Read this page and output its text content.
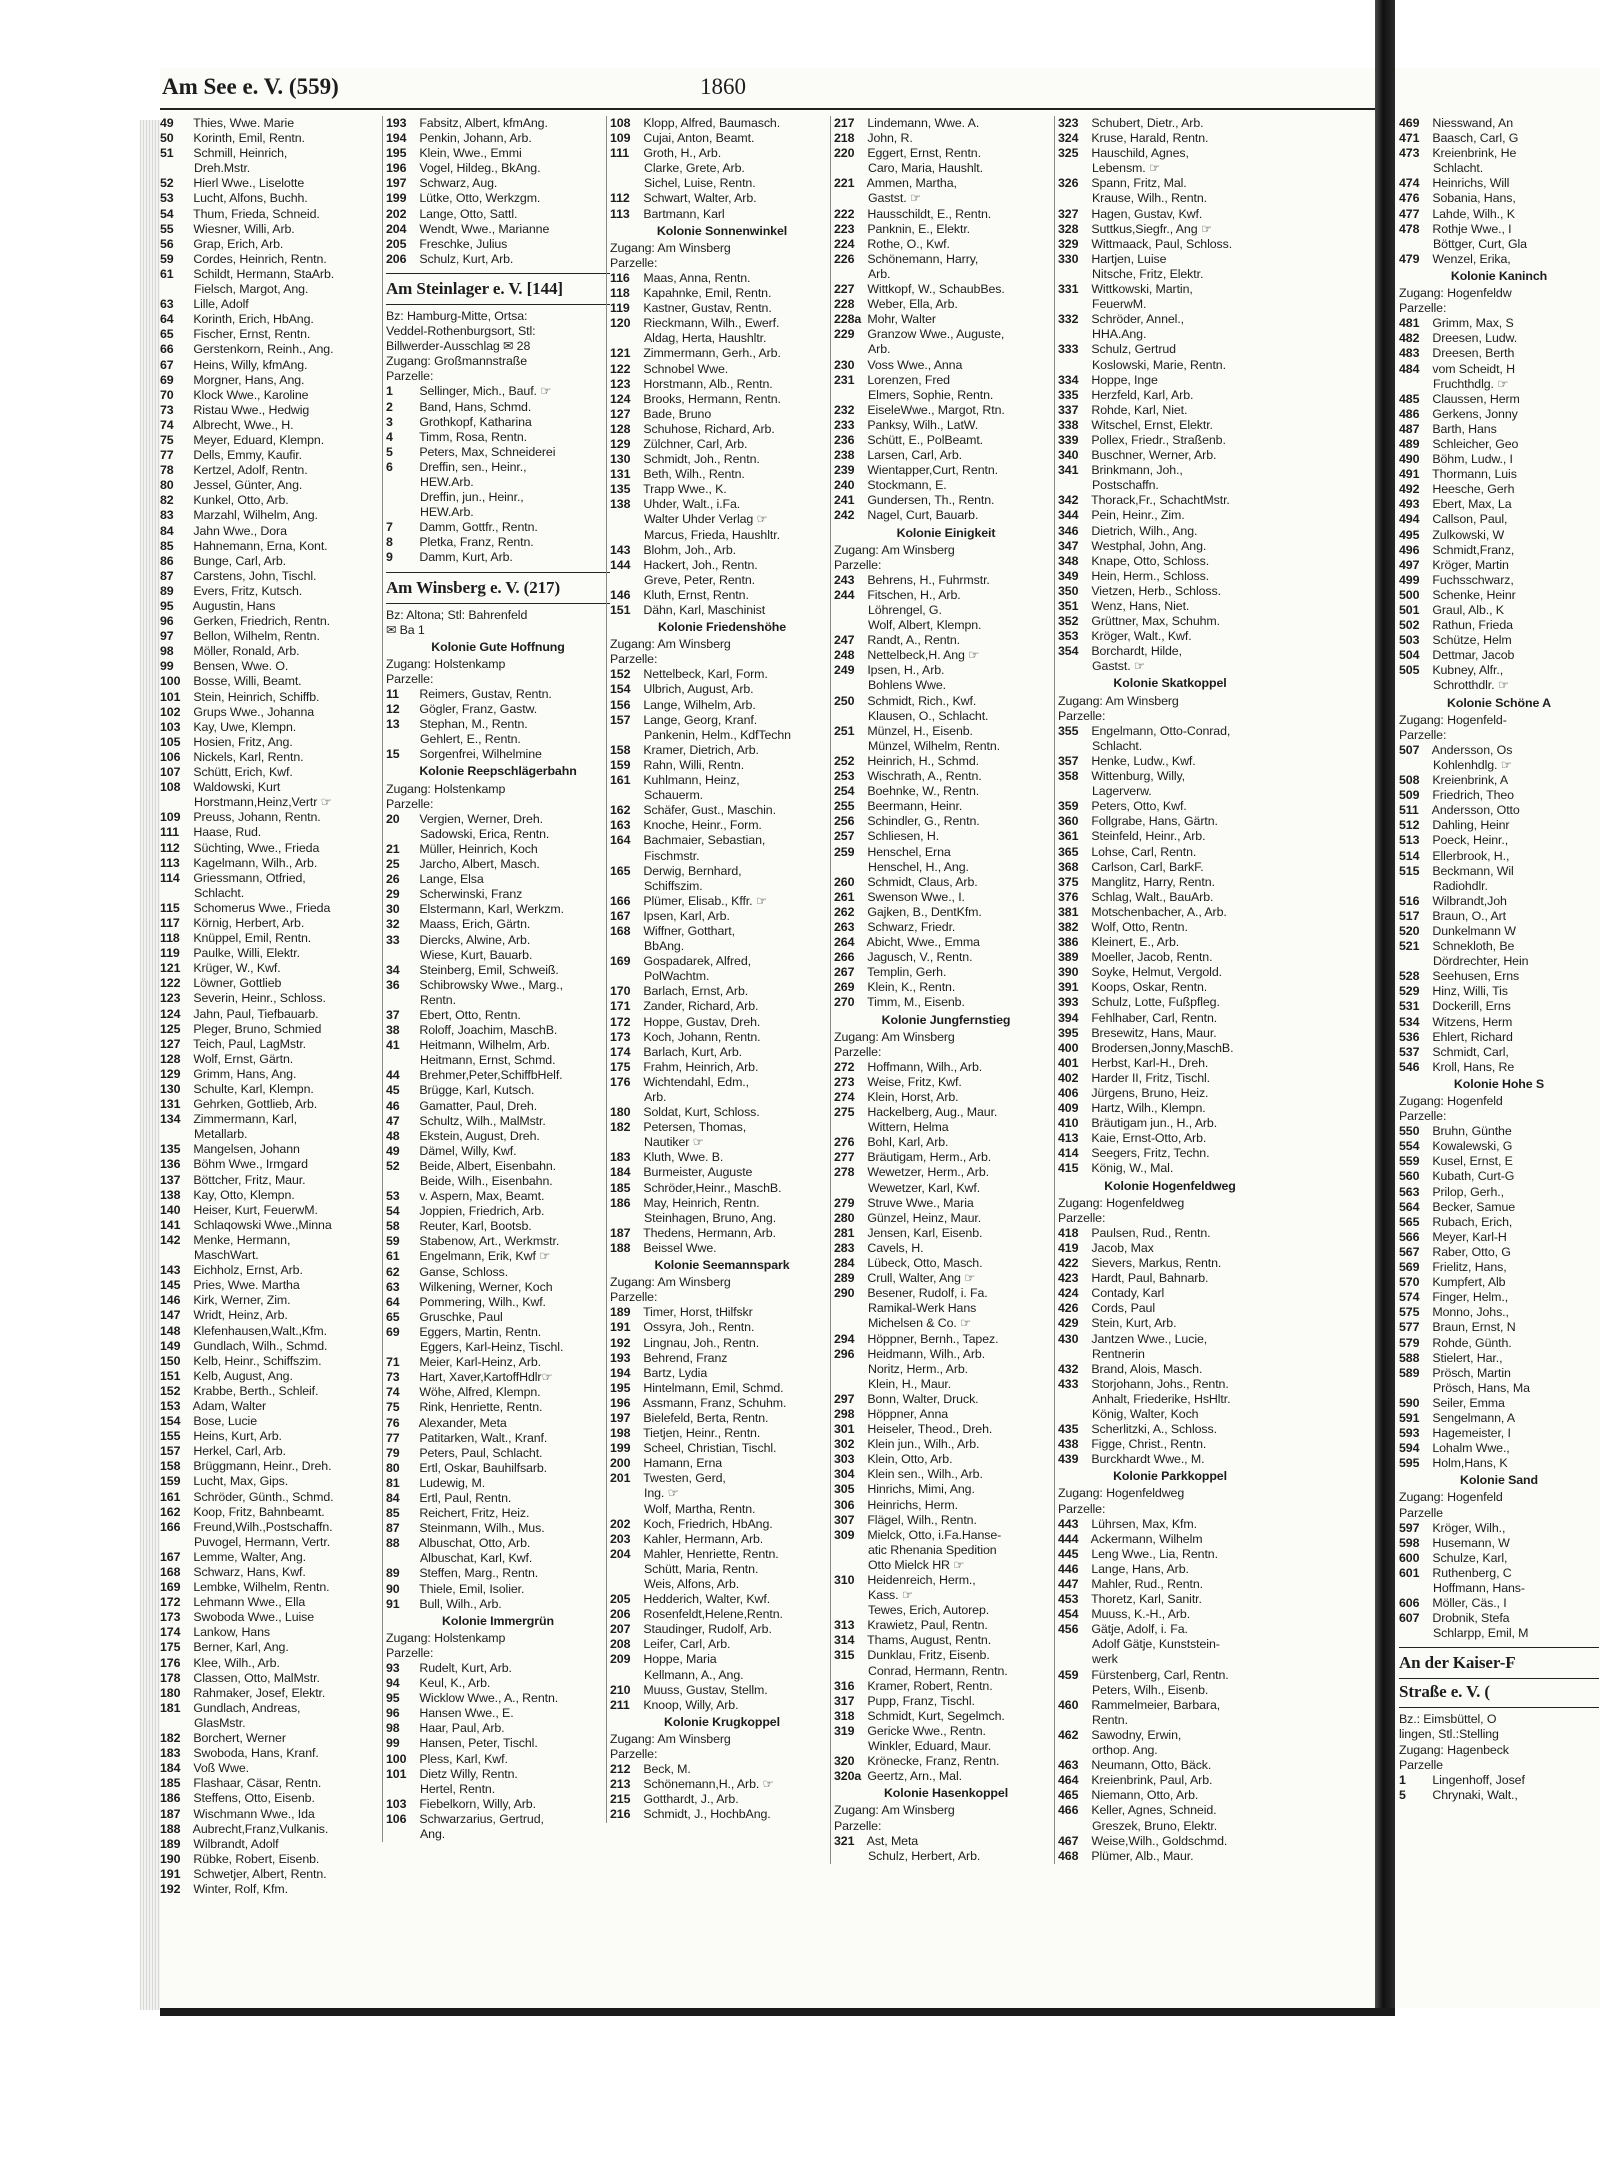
Am See e. V. (559)	1860
49 Thies, Wwe. Marie
50 Korinth, Emil, Rentn.
51 Schmill, Heinrich,
Dreh.Mstr.
52 Hierl Wwe., Liselotte
53 Lucht, Alfons, Buchh.
54 Thum, Frieda, Schneid.
55 Wiesner, Willi, Arb.
56 Grap, Erich, Arb.
59 Cordes, Heinrich, Rentn.
61 Schildt, Hermann, StaArb.
Fielsch, Margot, Ang.
63 Lille, Adolf
64 Korinth, Erich, HbAng.
65 Fischer, Ernst, Rentn.
66 Gerstenkorn, Reinh., Ang.
67 Heins, Willy, kfmAng.
69 Morgner, Hans, Ang.
70 Klock Wwe., Karoline
73 Ristau Wwe., Hedwig
74 Albrecht, Wwe., H.
75 Meyer, Eduard, Klempn.
77 Dells, Emmy, Kaufir.
78 Kertzel, Adolf, Rentn.
80 Jessel, Günter, Ang.
82 Kunkel, Otto, Arb.
83 Marzahl, Wilhelm, Ang.
84 Jahn Wwe., Dora
85 Hahnemann, Erna, Kont.
86 Bunge, Carl, Arb.
87 Carstens, John, Tischl.
89 Evers, Fritz, Kutsch.
95 Augustin, Hans
96 Gerken, Friedrich, Rentn.
97 Bellon, Wilhelm, Rentn.
98 Möller, Ronald, Arb.
99 Bensen, Wwe. O.
100 Bosse, Willi, Beamt.
101 Stein, Heinrich, Schiffb.
102 Grups Wwe., Johanna
103 Kay, Uwe, Klempn.
105 Hosien, Fritz, Ang.
106 Nickels, Karl, Rentn.
107 Schütt, Erich, Kwf.
108 Waldowski, Kurt
Horstmann,Heinz,Vertr ☞
109 Preuss, Johann, Rentn.
111 Haase, Rud.
112 Süchting, Wwe., Frieda
113 Kagelmann, Wilh., Arb.
114 Griessmann, Otfried,
Schlacht.
115 Schomerus Wwe., Frieda
117 Körnig, Herbert, Arb.
118 Knüppel, Emil, Rentn.
119 Paulke, Willi, Elektr.
121 Krüger, W., Kwf.
122 Löwner, Gottlieb
123 Severin, Heinr., Schloss.
124 Jahn, Paul, Tiefbauarb.
125 Pleger, Bruno, Schmied
127 Teich, Paul, LagMstr.
128 Wolf, Ernst, Gärtn.
129 Grimm, Hans, Ang.
130 Schulte, Karl, Klempn.
131 Gehrken, Gottlieb, Arb.
134 Zimmermann, Karl,
Metallarb.
135 Mangelsen, Johann
136 Böhm Wwe., Irmgard
137 Böttcher, Fritz, Maur.
138 Kay, Otto, Klempn.
140 Heiser, Kurt, FeuerwM.
141 Schlaqowski Wwe.,Minna
142 Menke, Hermann,
MaschWart.
143 Eichholz, Ernst, Arb.
145 Pries, Wwe. Martha
146 Kirk, Werner, Zim.
147 Wridt, Heinz, Arb.
148 Klefenhausen,Walt.,Kfm.
149 Gundlach, Wilh., Schmd.
150 Kelb, Heinr., Schiffszim.
151 Kelb, August, Ang.
152 Krabbe, Berth., Schleif.
153 Adam, Walter
154 Bose, Lucie
155 Heins, Kurt, Arb.
157 Herkel, Carl, Arb.
158 Brüggmann, Heinr., Dreh.
159 Lucht, Max, Gips.
161 Schröder, Günth., Schmd.
162 Koop, Fritz, Bahnbeamt.
166 Freund,Wilh.,Postschaffn.
Puvogel, Hermann, Vertr.
167 Lemme, Walter, Ang.
168 Schwarz, Hans, Kwf.
169 Lembke, Wilhelm, Rentn.
172 Lehmann Wwe., Ella
173 Swoboda Wwe., Luise
174 Lankow, Hans
175 Berner, Karl, Ang.
176 Klee, Wilh., Arb.
178 Classen, Otto, MalMstr.
180 Rahmaker, Josef, Elektr.
181 Gundlach, Andreas,
GlasMstr.
182 Borchert, Werner
183 Swoboda, Hans, Kranf.
184 Voß Wwe.
185 Flashaar, Cäsar, Rentn.
186 Steffens, Otto, Eisenb.
187 Wischmann Wwe., Ida
188 Aubrecht,Franz,Vulkanis.
189 Wilbrandt, Adolf
190 Rübke, Robert, Eisenb.
191 Schwetjer, Albert, Rentn.
192 Winter, Rolf, Kfm.
193 Fabsitz, Albert, kfmAng.
194 Penkin, Johann, Arb.
195 Klein, Wwe., Emmi
196 Vogel, Hildeg., BkAng.
197 Schwarz, Aug.
199 Lütke, Otto, Werkzgm.
202 Lange, Otto, Sattl.
204 Wendt, Wwe., Marianne
205 Freschke, Julius
206 Schulz, Kurt, Arb.
Am Steinlager e. V. [144]
Bz: Hamburg-Mitte, Ortsa:
Veddel-Rothenburgsort, Stl:
Billwerder-Ausschlag ✉ 28
Zugang: Großmannstraße
Parzelle:
1 Sellinger, Mich., Bauf. ☞
2 Band, Hans, Schmd.
3 Grothkopf, Katharina
4 Timm, Rosa, Rentn.
5 Peters, Max, Schneiderei
6 Dreffin, sen., Heinr.,
HEW.Arb.
Dreffin, jun., Heinr.,
HEW.Arb.
7 Damm, Gottfr., Rentn.
8 Pletka, Franz, Rentn.
9 Damm, Kurt, Arb.
Am Winsberg e. V. (217)
Bz: Altona; Stl: Bahrenfeld
✉ Ba 1
Kolonie Gute Hoffnung
Zugang: Holstenkamp
Parzelle:
11 Reimers, Gustav, Rentn.
12 Gögler, Franz, Gastw.
13 Stephan, M., Rentn.
Gehlert, E., Rentn.
15 Sorgenfrei, Wilhelmine
Kolonie Reepschlägerbahn
Zugang: Holstenkamp
Parzelle:
20 Vergien, Werner, Dreh.
Sadowski, Erica, Rentn.
21 Müller, Heinrich, Koch
25 Jarcho, Albert, Masch.
26 Lange, Elsa
29 Scherwinski, Franz
30 Elstermann, Karl, Werkzm.
32 Maass, Erich, Gärtn.
33 Diercks, Alwine, Arb.
Wiese, Kurt, Bauarb.
34 Steinberg, Emil, Schweiß.
36 Schibrowsky Wwe., Marg.,
Rentn.
37 Ebert, Otto, Rentn.
38 Roloff, Joachim, MaschB.
41 Heitmann, Wilhelm, Arb.
Heitmann, Ernst, Schmd.
44 Brehmer,Peter,SchiffbHelf.
45 Brügge, Karl, Kutsch.
46 Gamatter, Paul, Dreh.
47 Schultz, Wilh., MalMstr.
48 Ekstein, August, Dreh.
49 Dämel, Willy, Kwf.
52 Beide, Albert, Eisenbahn.
Beide, Wilh., Eisenbahn.
53 v. Aspern, Max, Beamt.
54 Joppien, Friedrich, Arb.
58 Reuter, Karl, Bootsb.
59 Stabenow, Art., Werkmstr.
61 Engelmann, Erik, Kwf ☞
62 Ganse, Schloss.
63 Wilkening, Werner, Koch
64 Pommering, Wilh., Kwf.
65 Gruschke, Paul
69 Eggers, Martin, Rentn.
Eggers, Karl-Heinz, Tischl.
71 Meier, Karl-Heinz, Arb.
73 Hart, Xaver,KartoffHdlr☞
74 Wöhe, Alfred, Klempn.
75 Rink, Henriette, Rentn.
76 Alexander, Meta
77 Patitarken, Walt., Kranf.
79 Peters, Paul, Schlacht.
80 Ertl, Oskar, Bauhilfsarb.
81 Ludewig, M.
84 Ertl, Paul, Rentn.
85 Reichert, Fritz, Heiz.
87 Steinmann, Wilh., Mus.
88 Albuschat, Otto, Arb.
Albuschat, Karl, Kwf.
89 Steffen, Marg., Rentn.
90 Thiele, Emil, Isolier.
91 Bull, Wilh., Arb.
Kolonie Immergrün
Zugang: Holstenkamp
Parzelle:
93 Rudelt, Kurt, Arb.
94 Keul, K., Arb.
95 Wicklow Wwe., A., Rentn.
96 Hansen Wwe., E.
98 Haar, Paul, Arb.
99 Hansen, Peter, Tischl.
100 Pless, Karl, Kwf.
101 Dietz Willy, Rentn.
Hertel, Rentn.
103 Fiebelkorn, Willy, Arb.
106 Schwarzarius, Gertrud,
Ang.
108 Klopp, Alfred, Baumasch.
109 Cujai, Anton, Beamt.
111 Groth, H., Arb.
Clarke, Grete, Arb.
Sichel, Luise, Rentn.
112 Schwart, Walter, Arb.
113 Bartmann, Karl
Kolonie Sonnenwinkel
Zugang: Am Winsberg
Parzelle:
116 Maas, Anna, Rentn.
118 Kapahnke, Emil, Rentn.
119 Kastner, Gustav, Rentn.
120 Rieckmann, Wilh., Ewerf.
Aldag, Herta, Haushltr.
121 Zimmermann, Gerh., Arb.
122 Schnobel Wwe.
123 Horstmann, Alb., Rentn.
124 Brooks, Hermann, Rentn.
127 Bade, Bruno
128 Schuhose, Richard, Arb.
129 Zülchner, Carl, Arb.
130 Schmidt, Joh., Rentn.
131 Beth, Wilh., Rentn.
135 Trapp Wwe., K.
138 Uhder, Walt., i.Fa.
Walter Uhder Verlag ☞
Marcus, Frieda, Haushltr.
143 Blohm, Joh., Arb.
144 Hackert, Joh., Rentn.
Greve, Peter, Rentn.
146 Kluth, Ernst, Rentn.
151 Dähn, Karl, Maschinist
Kolonie Friedenshöhe
Zugang: Am Winsberg
Parzelle:
152 Nettelbeck, Karl, Form.
154 Ulbrich, August, Arb.
156 Lange, Wilhelm, Arb.
157 Lange, Georg, Kranf.
Pankenin, Helm., KdfTechn
158 Kramer, Dietrich, Arb.
159 Rahn, Willi, Rentn.
161 Kuhlmann, Heinz,
Schauerm.
162 Schäfer, Gust., Maschin.
163 Knoche, Heinr., Form.
164 Bachmaier, Sebastian,
Fischmstr.
165 Derwig, Bernhard,
Schiffszim.
166 Plümer, Elisab., Kffr. ☞
167 Ipsen, Karl, Arb.
168 Wiffner, Gotthart,
BbAng.
169 Gospadarek, Alfred,
PolWachtm.
170 Barlach, Ernst, Arb.
171 Zander, Richard, Arb.
172 Hoppe, Gustav, Dreh.
173 Koch, Johann, Rentn.
174 Barlach, Kurt, Arb.
175 Frahm, Heinrich, Arb.
176 Wichtendahl, Edm.,
Arb.
180 Soldat, Kurt, Schloss.
182 Petersen, Thomas,
Nautiker ☞
183 Kluth, Wwe. B.
184 Burmeister, Auguste
185 Schröder,Heinr., MaschB.
186 May, Heinrich, Rentn.
Steinhagen, Bruno, Ang.
187 Thedens, Hermann, Arb.
188 Beissel Wwe.
Kolonie Seemannspark
Zugang: Am Winsberg
Parzelle:
189 Timer, Horst, tHilfskr
191 Ossyra, Joh., Rentn.
192 Lingnau, Joh., Rentn.
193 Behrend, Franz
194 Bartz, Lydia
195 Hintelmann, Emil, Schmd.
196 Assmann, Franz, Schuhm.
197 Bielefeld, Berta, Rentn.
198 Tietjen, Heinr., Rentn.
199 Scheel, Christian, Tischl.
200 Hamann, Erna
201 Twesten, Gerd,
Ing. ☞
Wolf, Martha, Rentn.
202 Koch, Friedrich, HbAng.
203 Kahler, Hermann, Arb.
204 Mahler, Henriette, Rentn.
Schütt, Maria, Rentn.
Weis, Alfons, Arb.
205 Hedderich, Walter, Kwf.
206 Rosenfeldt,Helene,Rentn.
207 Staudinger, Rudolf, Arb.
208 Leifer, Carl, Arb.
209 Hoppe, Maria
Kellmann, A., Ang.
210 Muuss, Gustav, Stellm.
211 Knoop, Willy, Arb.
Kolonie Krugkoppel
Zugang: Am Winsberg
Parzelle:
212 Beck, M.
213 Schönemann,H., Arb. ☞
215 Gotthardt, J., Arb.
216 Schmidt, J., HochbAng.
217 Lindemann, Wwe. A.
218 John, R.
220 Eggert, Ernst, Rentn.
Caro, Maria, Haushlt.
221 Ammen, Martha,
Gastst. ☞
222 Hausschildt, E., Rentn.
223 Panknin, E., Elektr.
224 Rothe, O., Kwf.
226 Schönemann, Harry,
Arb.
227 Wittkopf, W., SchaubBes.
228 Weber, Ella, Arb.
228a Mohr, Walter
229 Granzow Wwe., Auguste,
Arb.
230 Voss Wwe., Anna
231 Lorenzen, Fred
Elmers, Sophie, Rentn.
232 EiseleWwe., Margot, Rtn.
233 Panksy, Wilh., LatW.
236 Schütt, E., PolBeamt.
238 Larsen, Carl, Arb.
239 Wientapper,Curt, Rentn.
240 Stockmann, E.
241 Gundersen, Th., Rentn.
242 Nagel, Curt, Bauarb.
Kolonie Einigkeit
Zugang: Am Winsberg
Parzelle:
243 Behrens, H., Fuhrmstr.
244 Fitschen, H., Arb.
Löhrengel, G.
Wolf, Albert, Klempn.
247 Randt, A., Rentn.
248 Nettelbeck,H. Ang ☞
249 Ipsen, H., Arb.
Bohlens Wwe.
250 Schmidt, Rich., Kwf.
Klausen, O., Schlacht.
251 Münzel, H., Eisenb.
Münzel, Wilhelm, Rentn.
252 Heinrich, H., Schmd.
253 Wischrath, A., Rentn.
254 Boehnke, W., Rentn.
255 Beermann, Heinr.
256 Schindler, G., Rentn.
257 Schliesen, H.
259 Henschel, Erna
Henschel, H., Ang.
260 Schmidt, Claus, Arb.
261 Swenson Wwe., I.
262 Gajken, B., DentKfm.
263 Schwarz, Friedr.
264 Abicht, Wwe., Emma
266 Jagusch, V., Rentn.
267 Templin, Gerh.
269 Klein, K., Rentn.
270 Timm, M., Eisenb.
Kolonie Jungfernstieg
Zugang: Am Winsberg
Parzelle:
272 Hoffmann, Wilh., Arb.
273 Weise, Fritz, Kwf.
274 Klein, Horst, Arb.
275 Hackelberg, Aug., Maur.
Wittern, Helma
276 Bohl, Karl, Arb.
277 Bräutigam, Herm., Arb.
278 Wewetzer, Herm., Arb.
Wewetzer, Karl, Kwf.
279 Struve Wwe., Maria
280 Günzel, Heinz, Maur.
281 Jensen, Karl, Eisenb.
283 Cavels, H.
284 Lübeck, Otto, Masch.
289 Crull, Walter, Ang ☞
290 Besener, Rudolf, i. Fa.
Ramikal-Werk Hans
Michelsen & Co. ☞
294 Höppner, Bernh., Tapez.
296 Heidmann, Wilh., Arb.
Noritz, Herm., Arb.
Klein, H., Maur.
297 Bonn, Walter, Druck.
298 Höppner, Anna
301 Heiseler, Theod., Dreh.
302 Klein jun., Wilh., Arb.
303 Klein, Otto, Arb.
304 Klein sen., Wilh., Arb.
305 Hinrichs, Mimi, Ang.
306 Heinrichs, Herm.
307 Flägel, Wilh., Rentn.
309 Mielck, Otto, i.Fa.Hanse-
atic Rhenania Spedition
Otto Mielck HR ☞
310 Heidenreich, Herm.,
Kass. ☞
Tewes, Erich, Autorep.
313 Krawietz, Paul, Rentn.
314 Thams, August, Rentn.
315 Dunklau, Fritz, Eisenb.
Conrad, Hermann, Rentn.
316 Kramer, Robert, Rentn.
317 Pupp, Franz, Tischl.
318 Schmidt, Kurt, Segelmch.
319 Gericke Wwe., Rentn.
Winkler, Eduard, Maur.
320 Krönecke, Franz, Rentn.
320a Geertz, Arn., Mal.
Kolonie Hasenkoppel
Zugang: Am Winsberg
Parzelle:
321 Ast, Meta
Schulz, Herbert, Arb.
323 Schubert, Dietr., Arb.
324 Kruse, Harald, Rentn.
325 Hauschild, Agnes,
Lebensm. ☞
326 Spann, Fritz, Mal.
Krause, Wilh., Rentn.
327 Hagen, Gustav, Kwf.
328 Suttkus,Siegfr., Ang ☞
329 Wittmaack, Paul, Schloss.
330 Hartjen, Luise
Nitsche, Fritz, Elektr.
331 Wittkowski, Martin,
FeuerwM.
332 Schröder, Annel.,
HHA.Ang.
333 Schulz, Gertrud
Koslowski, Marie, Rentn.
334 Hoppe, Inge
335 Herzfeld, Karl, Arb.
337 Rohde, Karl, Niet.
338 Witschel, Ernst, Elektr.
339 Pollex, Friedr., Straßenb.
340 Buschner, Werner, Arb.
341 Brinkmann, Joh.,
Postschaffn.
342 Thorack,Fr., SchachtMstr.
344 Pein, Heinr., Zim.
346 Dietrich, Wilh., Ang.
347 Westphal, John, Ang.
348 Knape, Otto, Schloss.
349 Hein, Herm., Schloss.
350 Vietzen, Herb., Schloss.
351 Wenz, Hans, Niet.
352 Grüttner, Max, Schuhm.
353 Kröger, Walt., Kwf.
354 Borchardt, Hilde,
Gastst. ☞
Kolonie Skatkoppel
Zugang: Am Winsberg
Parzelle:
355 Engelmann, Otto-Conrad,
Schlacht.
357 Henke, Ludw., Kwf.
358 Wittenburg, Willy,
Lagerverw.
359 Peters, Otto, Kwf.
360 Follgrabe, Hans, Gärtn.
361 Steinfeld, Heinr., Arb.
365 Lohse, Carl, Rentn.
368 Carlson, Carl, BarkF.
375 Manglitz, Harry, Rentn.
376 Schlag, Walt., BauArb.
381 Motschenbacher, A., Arb.
382 Wolf, Otto, Rentn.
386 Kleinert, E., Arb.
389 Moeller, Jacob, Rentn.
390 Soyke, Helmut, Vergold.
391 Koops, Oskar, Rentn.
393 Schulz, Lotte, Fußpfleg.
394 Fehlhaber, Carl, Rentn.
395 Bresewitz, Hans, Maur.
400 Brodersen,Jonny,MaschB.
401 Herbst, Karl-H., Dreh.
402 Harder II, Fritz, Tischl.
406 Jürgens, Bruno, Heiz.
409 Hartz, Wilh., Klempn.
410 Bräutigam jun., H., Arb.
413 Kaie, Ernst-Otto, Arb.
414 Seegers, Fritz, Techn.
415 König, W., Mal.
Kolonie Hogenfeldweg
Zugang: Hogenfeldweg
Parzelle:
418 Paulsen, Rud., Rentn.
419 Jacob, Max
422 Sievers, Markus, Rentn.
423 Hardt, Paul, Bahnarb.
424 Contady, Karl
426 Cords, Paul
429 Stein, Kurt, Arb.
430 Jantzen Wwe., Lucie,
Rentnerin
432 Brand, Alois, Masch.
433 Storjohann, Johs., Rentn.
Anhalt, Friederike, HsHltr.
König, Walter, Koch
435 Scherlitzki, A., Schloss.
438 Figge, Christ., Rentn.
439 Burckhardt Wwe., M.
Kolonie Parkkoppel
Zugang: Hogenfeldweg
Parzelle:
443 Lührsen, Max, Kfm.
444 Ackermann, Wilhelm
445 Leng Wwe., Lia, Rentn.
446 Lange, Hans, Arb.
447 Mahler, Rud., Rentn.
453 Thoretz, Karl, Sanitr.
454 Muuss, K.-H., Arb.
456 Gätje, Adolf, i. Fa.
Adolf Gätje, Kunststein-
werk
459 Fürstenberg, Carl, Rentn.
Peters, Wilh., Eisenb.
460 Rammelmeier, Barbara,
Rentn.
462 Sawodny, Erwin,
orthop. Ang.
463 Neumann, Otto, Bäck.
464 Kreienbrink, Paul, Arb.
465 Niemann, Otto, Arb.
466 Keller, Agnes, Schneid.
Greszek, Bruno, Elektr.
467 Weise,Wilh., Goldschmd.
468 Plümer, Alb., Maur.
469 Niesswand, An
471 Baasch, Carl, G
473 Kreienbrink, He
Schlacht.
474 Heinrichs, Will
476 Sobania, Hans,
477 Lahde, Wilh., K
478 Rothje Wwe., I
Böttger, Curt, Gla
479 Wenzel, Erika,
Kolonie Kaninch
Zugang: Hogenfeldw
Parzelle:
481 Grimm, Max, S
482 Dreesen, Ludw.
483 Dreesen, Berth
484 vom Scheidt, H
Fruchthdlg. ☞
485 Claussen, Herm
486 Gerkens, Jonny
487 Barth, Hans
489 Schleicher, Geo
490 Böhm, Ludw., I
491 Thormann, Luis
492 Heesche, Gerh
493 Ebert, Max, La
494 Callson, Paul,
495 Zulkowski, W
496 Schmidt,Franz,
497 Kröger, Martin
499 Fuchsschwarz,
500 Schenke, Heinr
501 Graul, Alb., K
502 Rathun, Frieda
503 Schütze, Helm
504 Dettmar, Jacob
505 Kubney, Alfr.,
Schrotthdlr. ☞
Kolonie Schöne A
Zugang: Hogenfeld-
Parzelle:
507 Andersson, Os
Kohlenhdlg. ☞
508 Kreienbrink, A
509 Friedrich, Theo
511 Andersson, Otto
512 Dahling, Heinr
513 Poeck, Heinr.,
514 Ellerbrook, H.,
515 Beckmann, Wil
Radiohdlr.
516 Wilbrandt,Joh
517 Braun, O., Art
520 Dunkelmann W
521 Schnekloth, Be
Dördrechter, Hein
528 Seehusen, Erns
529 Hinz, Willi, Tis
531 Dockerill, Erns
534 Witzens, Herm
536 Ehlert, Richard
537 Schmidt, Carl,
546 Kroll, Hans, Re
Kolonie Hohe S
Zugang: Hogenfeld
Parzelle:
550 Bruhn, Günthe
554 Kowalewski, G
559 Kusel, Ernst, E
560 Kubath, Curt-G
563 Prilop, Gerh.,
564 Becker, Samue
565 Rubach, Erich,
566 Meyer, Karl-H
567 Raber, Otto, G
569 Frielitz, Hans,
570 Kumpfert, Alb
574 Finger, Helm.,
575 Monno, Johs.,
577 Braun, Ernst, N
579 Rohde, Günth.
588 Stielert, Har.,
589 Prösch, Martin
Prösch, Hans, Ma
590 Seiler, Emma
591 Sengelmann, A
593 Hagemeister, I
594 Lohalm Wwe.,
595 Holm,Hans, K
Kolonie Sand
Zugang: Hogenfeld
Parzelle
597 Kröger, Wilh.,
598 Husemann, W
600 Schulze, Karl,
601 Ruthenberg, C
Hoffmann, Hans-
606 Möller, Cäs., I
607 Drobnik, Stefa
Schlarpp, Emil, M
An der Kaiser-F
Straße e. V. (
Bz.: Eimsbüttel, O
lingen, Stl.:Stelling
Zugang: Hagenbeck
Parzelle
1 Lingenhoff, Josef
5 Chrynaki, Walt.,
